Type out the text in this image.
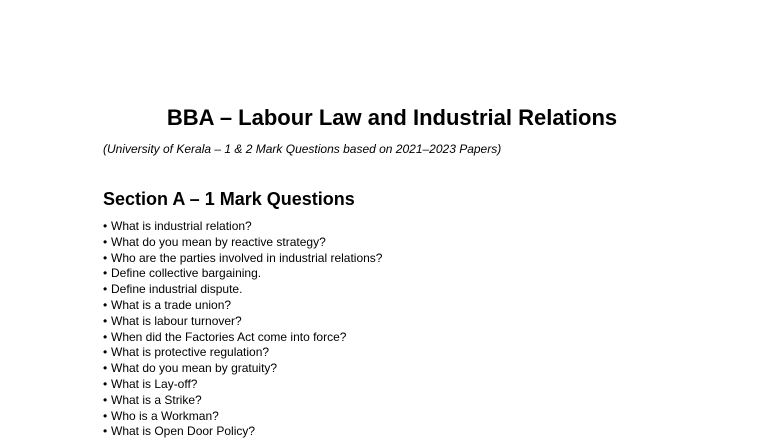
BBA – Labour Law and Industrial Relations
(University of Kerala – 1 & 2 Mark Questions based on 2021–2023 Papers)
Section A – 1 Mark Questions
• What is industrial relation?
• What do you mean by reactive strategy?
• Who are the parties involved in industrial relations?
• Define collective bargaining.
• Define industrial dispute.
• What is a trade union?
• What is labour turnover?
• When did the Factories Act come into force?
• What is protective regulation?
• What do you mean by gratuity?
• What is Lay-off?
• What is a Strike?
• Who is a Workman?
• What is Open Door Policy?
